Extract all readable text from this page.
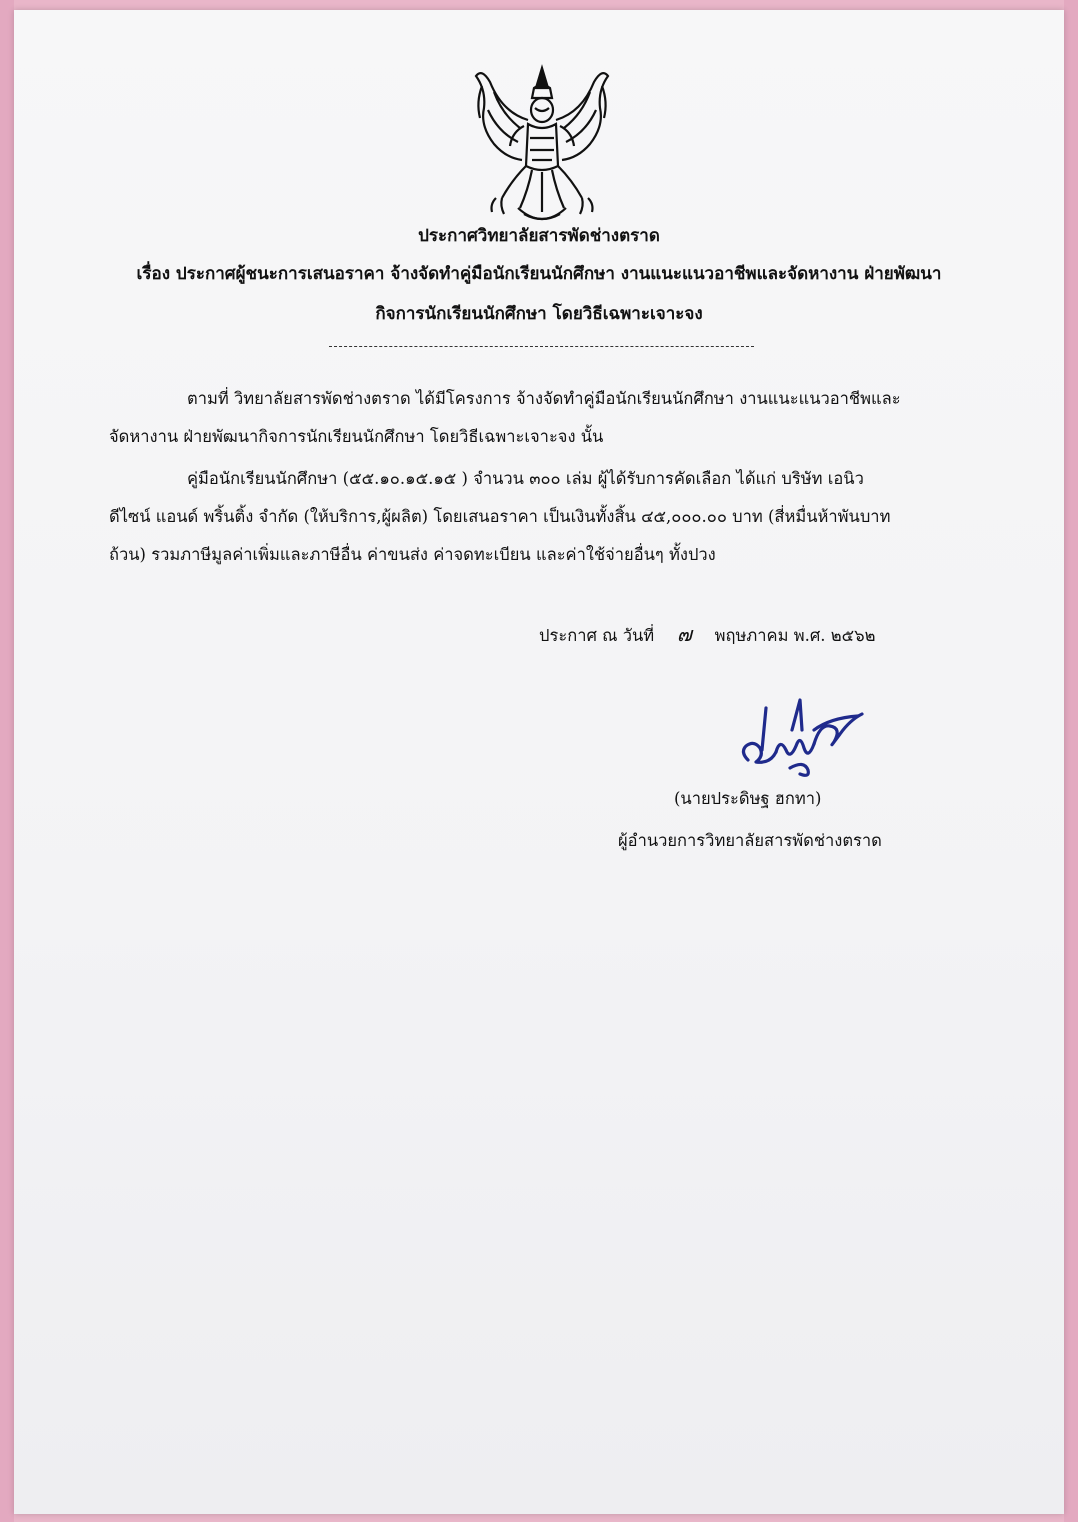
ประกาศวิทยาลัยสารพัดช่างตราด
เรื่อง ประกาศผู้ชนะการเสนอราคา จ้างจัดทำคู่มือนักเรียนนักศึกษา งานแนะแนวอาชีพและจัดหางาน ฝ่ายพัฒนา
กิจการนักเรียนนักศึกษา โดยวิธีเฉพาะเจาะจง
ตามที่ วิทยาลัยสารพัดช่างตราด ได้มีโครงการ จ้างจัดทำคู่มือนักเรียนนักศึกษา งานแนะแนวอาชีพและ
จัดหางาน ฝ่ายพัฒนากิจการนักเรียนนักศึกษา โดยวิธีเฉพาะเจาะจง นั้น
คู่มือนักเรียนนักศึกษา (๕๕.๑๐.๑๕.๑๕ ) จำนวน ๓๐๐ เล่ม ผู้ได้รับการคัดเลือก ได้แก่ บริษัท เอนิว
ดีไซน์ แอนด์ พริ้นติ้ง จำกัด (ให้บริการ,ผู้ผลิต) โดยเสนอราคา เป็นเงินทั้งสิ้น ๔๕,๐๐๐.๐๐ บาท (สี่หมื่นห้าพันบาท
ถ้วน) รวมภาษีมูลค่าเพิ่มและภาษีอื่น ค่าขนส่ง ค่าจดทะเบียน และค่าใช้จ่ายอื่นๆ ทั้งปวง
ประกาศ ณ วันที่ ๗ พฤษภาคม พ.ศ. ๒๕๖๒
(นายประดิษฐ ฮกทา)
ผู้อำนวยการวิทยาลัยสารพัดช่างตราด
